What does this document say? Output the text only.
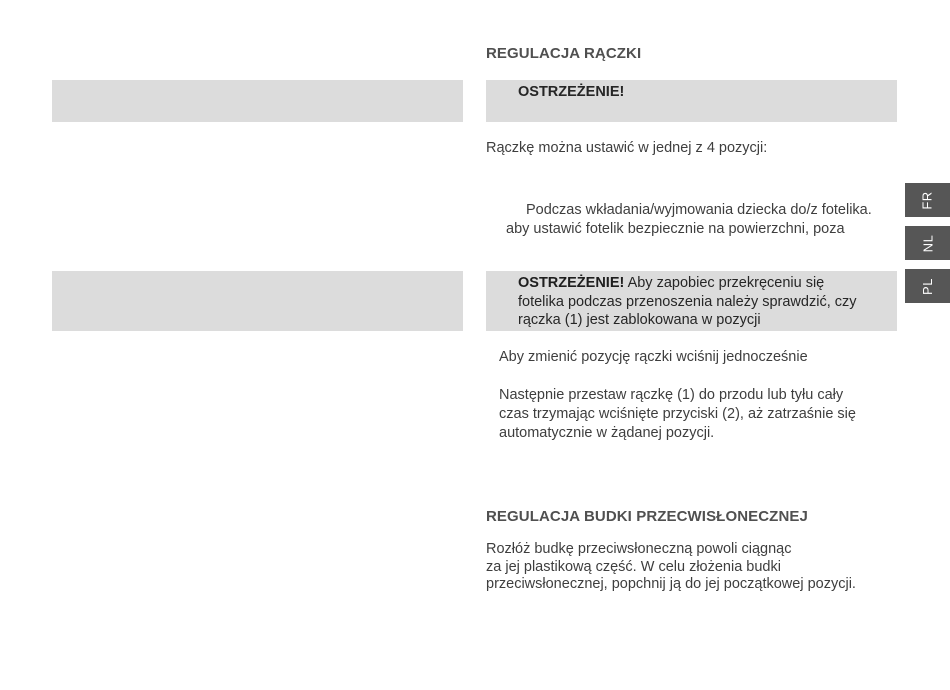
REGULACJA RĄCZKI
OSTRZEŻENIE!
Rączkę można ustawić w jednej z 4 pozycji:
Podczas wkładania/wyjmowania dziecka do/z fotelika.
aby ustawić fotelik bezpiecznie na powierzchni, poza
OSTRZEŻENIE! Aby zapobiec przekręceniu się
fotelika podczas przenoszenia należy sprawdzić, czy
rączka (1) jest zablokowana w pozycji
Aby zmienić pozycję rączki wciśnij jednocześnie
Następnie przestaw rączkę (1) do przodu lub tyłu cały
czas trzymając wciśnięte przyciski (2), aż zatrzaśnie się
automatycznie w żądanej pozycji.
REGULACJA BUDKI PRZECWISŁONECZNEJ
Rozłóż budkę przeciwsłoneczną powoli ciągnąc
za jej plastikową część. W celu złożenia budki
przeciwsłonecznej, popchnij ją do jej początkowej pozycji.
FR
NL
PL
